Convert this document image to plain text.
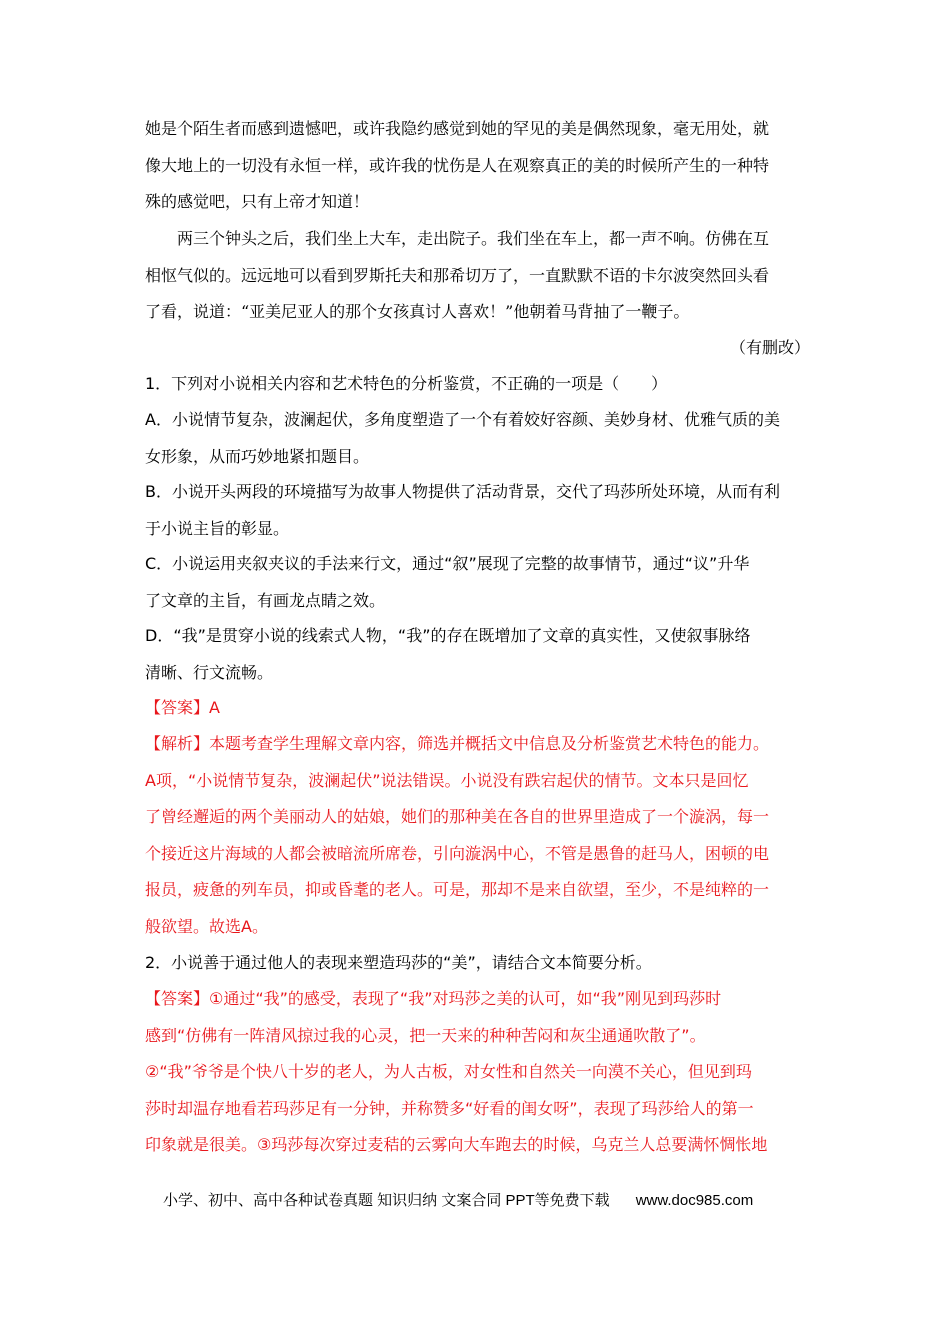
她是个陌生者而感到遗憾吧，或许我隐约感觉到她的罕见的美是偶然现象，毫无用处，就
像大地上的一切没有永恒一样，或许我的忧伤是人在观察真正的美的时候所产生的一种特
殊的感觉吧，只有上帝才知道！
两三个钟头之后，我们坐上大车，走出院子。我们坐在车上，都一声不响。仿佛在互
相怄气似的。远远地可以看到罗斯托夫和那希切万了，一直默默不语的卡尔波突然回头看
了看，说道：“亚美尼亚人的那个女孩真讨人喜欢！”他朝着马背抽了一鞭子。
（有删改）
1．下列对小说相关内容和艺术特色的分析鉴赏，不正确的一项是（　　）
A．小说情节复杂，波澜起伏，多角度塑造了一个有着姣好容颜、美妙身材、优雅气质的美
女形象，从而巧妙地紧扣题目。
B．小说开头两段的环境描写为故事人物提供了活动背景，交代了玛莎所处环境，从而有利
于小说主旨的彰显。
C．小说运用夹叙夹议的手法来行文，通过“叙”展现了完整的故事情节，通过“议”升华
了文章的主旨，有画龙点睛之效。
D．“我”是贯穿小说的线索式人物，“我”的存在既增加了文章的真实性，又使叙事脉络
清晰、行文流畅。
【答案】A
【解析】本题考查学生理解文章内容，筛选并概括文中信息及分析鉴赏艺术特色的能力。
A项，“小说情节复杂，波澜起伏”说法错误。小说没有跌宕起伏的情节。文本只是回忆
了曾经邂逅的两个美丽动人的姑娘，她们的那种美在各自的世界里造成了一个漩涡，每一
个接近这片海域的人都会被暗流所席卷，引向漩涡中心，不管是愚鲁的赶马人，困顿的电
报员，疲惫的列车员，抑或昏耄的老人。可是，那却不是来自欲望，至少，不是纯粹的一
般欲望。故选A。
2．小说善于通过他人的表现来塑造玛莎的“美”，请结合文本简要分析。
【答案】①通过“我”的感受，表现了“我”对玛莎之美的认可，如“我”刚见到玛莎时
感到“仿佛有一阵清风掠过我的心灵，把一天来的种种苦闷和灰尘通通吹散了”。
②“我”爷爷是个快八十岁的老人，为人古板，对女性和自然关一向漠不关心，但见到玛
莎时却温存地看若玛莎足有一分钟，并称赞多“好看的闺女呀”，表现了玛莎给人的第一
印象就是很美。③玛莎每次穿过麦秸的云雾向大车跑去的时候，乌克兰人总要满怀惆怅地
小学、初中、高中各种试卷真题 知识归纳 文案合同 PPT等免费下载 www.doc985.com
